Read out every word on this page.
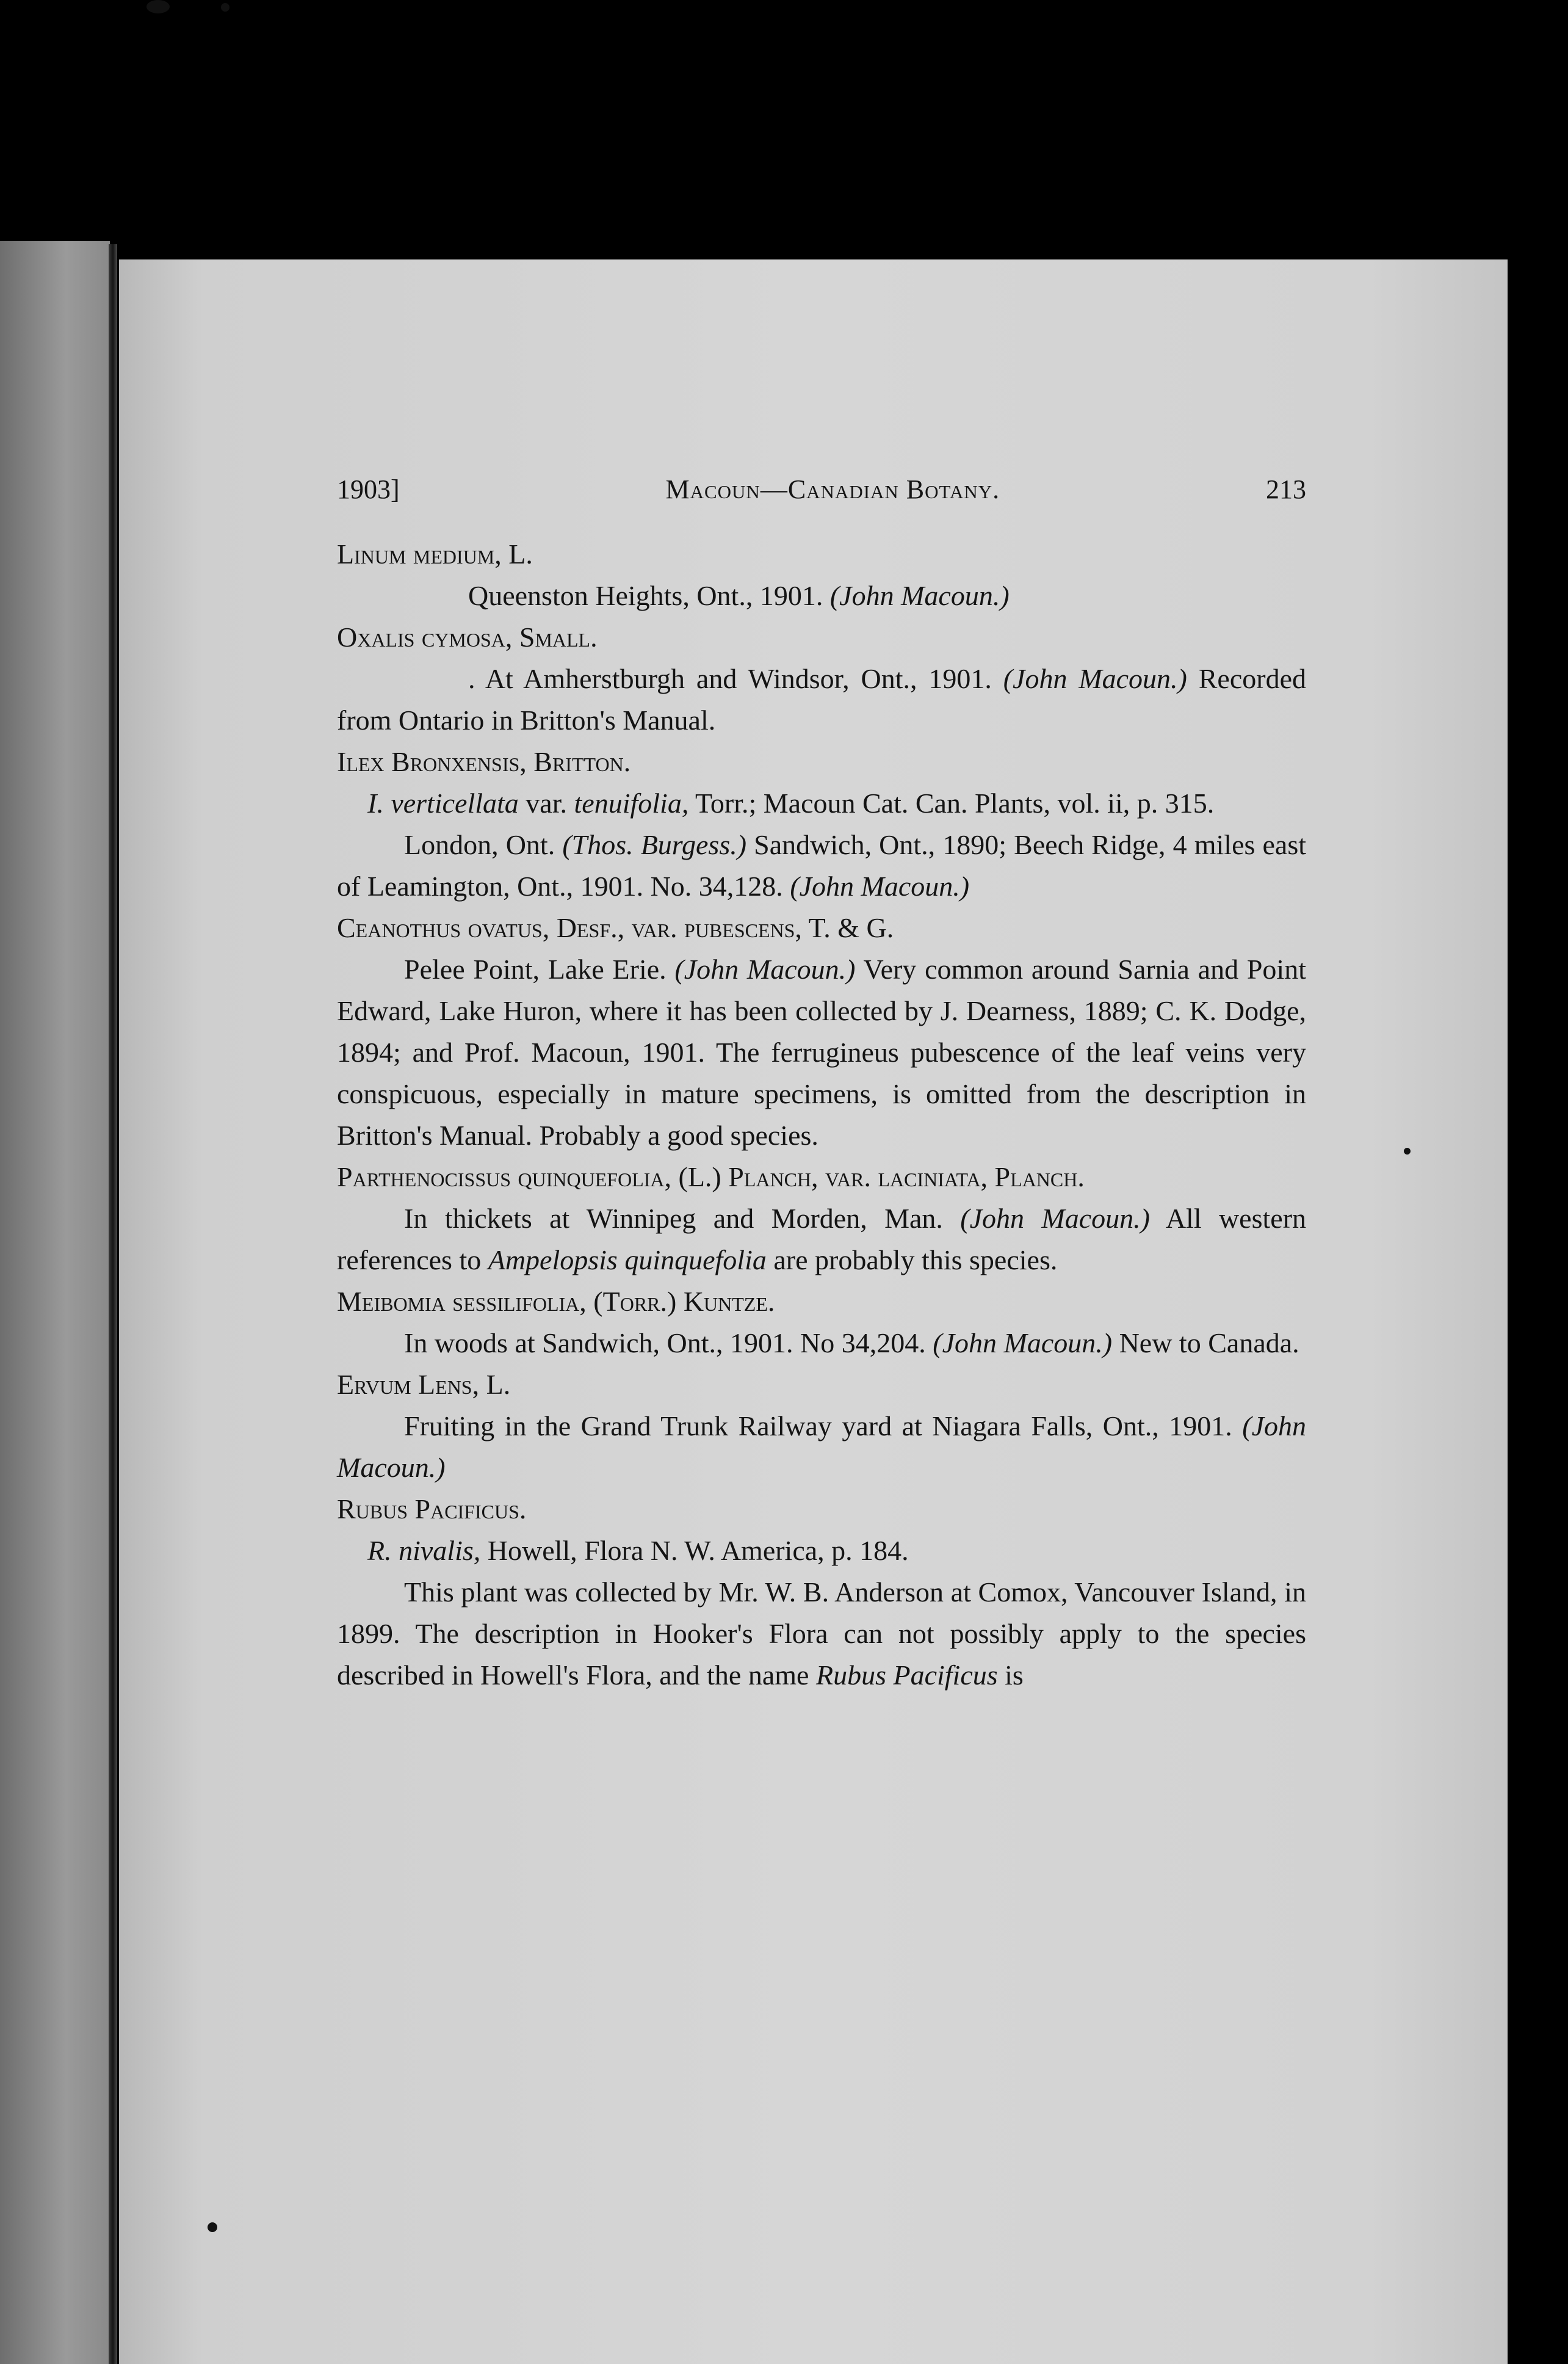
1903]	Macoun—Canadian Botany.	213
Linum medium, L.
Queenston Heights, Ont., 1901. (John Macoun.)
Oxalis cymosa, Small.
. At Amherstburgh and Windsor, Ont., 1901. (John Macoun.) Recorded from Ontario in Britton's Manual.
Ilex Bronxensis, Britton.
I. verticellata var. tenuifolia, Torr.; Macoun Cat. Can. Plants, vol. ii, p. 315.
London, Ont. (Thos. Burgess.) Sandwich, Ont., 1890; Beech Ridge, 4 miles east of Leamington, Ont., 1901. No. 34,128. (John Macoun.)
Ceanothus ovatus, Desf., var. pubescens, T. & G.
Pelee Point, Lake Erie. (John Macoun.) Very common around Sarnia and Point Edward, Lake Huron, where it has been collected by J. Dearness, 1889; C. K. Dodge, 1894; and Prof. Macoun, 1901. The ferrugineus pubescence of the leaf veins very conspicuous, especially in mature specimens, is omitted from the description in Britton's Manual. Probably a good species.
Parthenocissus quinquefolia, (L.) Planch, var. laciniata, Planch.
In thickets at Winnipeg and Morden, Man. (John Macoun.) All western references to Ampelopsis quinquefolia are probably this species.
Meibomia sessilifolia, (Torr.) Kuntze.
In woods at Sandwich, Ont., 1901. No 34,204. (John Macoun.) New to Canada.
Ervum Lens, L.
Fruiting in the Grand Trunk Railway yard at Niagara Falls, Ont., 1901. (John Macoun.)
Rubus Pacificus.
R. nivalis, Howell, Flora N. W. America, p. 184.
This plant was collected by Mr. W. B. Anderson at Comox, Vancouver Island, in 1899. The description in Hooker's Flora can not possibly apply to the species described in Howell's Flora, and the name Rubus Pacificus is
